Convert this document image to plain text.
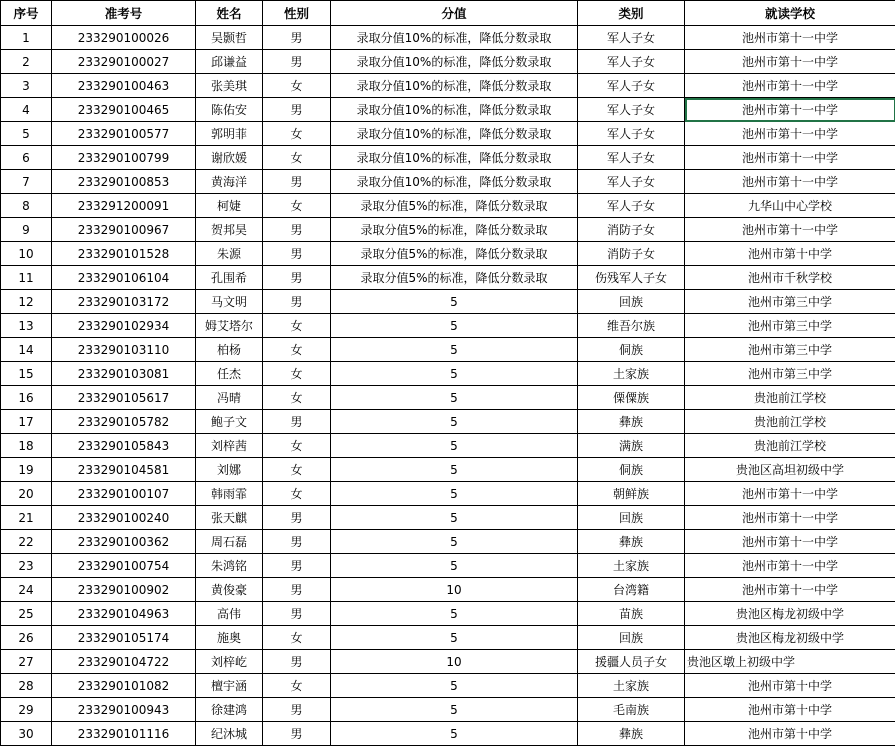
序号	准考号	姓名	性别	分值	类别	就读学校
1	233290100026	吴颢哲	男	录取分值10%的标准，降低分数录取	军人子女	池州市第十一中学
2	233290100027	邱谦益	男	录取分值10%的标准，降低分数录取	军人子女	池州市第十一中学
3	233290100463	张美琪	女	录取分值10%的标准，降低分数录取	军人子女	池州市第十一中学
4	233290100465	陈佑安	男	录取分值10%的标准，降低分数录取	军人子女	池州市第十一中学
5	233290100577	郭明菲	女	录取分值10%的标准，降低分数录取	军人子女	池州市第十一中学
6	233290100799	谢欣媛	女	录取分值10%的标准，降低分数录取	军人子女	池州市第十一中学
7	233290100853	黄海洋	男	录取分值10%的标准，降低分数录取	军人子女	池州市第十一中学
8	233291200091	柯婕	女	录取分值5%的标准，降低分数录取	军人子女	九华山中心学校
9	233290100967	贺邦昊	男	录取分值5%的标准，降低分数录取	消防子女	池州市第十一中学
10	233290101528	朱源	男	录取分值5%的标准，降低分数录取	消防子女	池州市第十中学
11	233290106104	孔围希	男	录取分值5%的标准，降低分数录取	伤残军人子女	池州市千秋学校
12	233290103172	马文明	男	5	回族	池州市第三中学
13	233290102934	姆艾塔尔	女	5	维吾尔族	池州市第三中学
14	233290103110	柏杨	女	5	侗族	池州市第三中学
15	233290103081	任杰	女	5	土家族	池州市第三中学
16	233290105617	冯晴	女	5	傈僳族	贵池前江学校
17	233290105782	鲍子文	男	5	彝族	贵池前江学校
18	233290105843	刘梓茜	女	5	满族	贵池前江学校
19	233290104581	刘娜	女	5	侗族	贵池区高坦初级中学
20	233290100107	韩雨霏	女	5	朝鲜族	池州市第十一中学
21	233290100240	张天麒	男	5	回族	池州市第十一中学
22	233290100362	周石磊	男	5	彝族	池州市第十一中学
23	233290100754	朱鸿铭	男	5	土家族	池州市第十一中学
24	233290100902	黄俊豪	男	10	台湾籍	池州市第十一中学
25	233290104963	高伟	男	5	苗族	贵池区梅龙初级中学
26	233290105174	施奥	女	5	回族	贵池区梅龙初级中学
27	233290104722	刘梓屹	男	10	援疆人员子女	贵池区墩上初级中学
28	233290101082	檀宇涵	女	5	土家族	池州市第十中学
29	233290100943	徐建鸿	男	5	毛南族	池州市第十中学
30	233290101116	纪沐城	男	5	彝族	池州市第十中学
